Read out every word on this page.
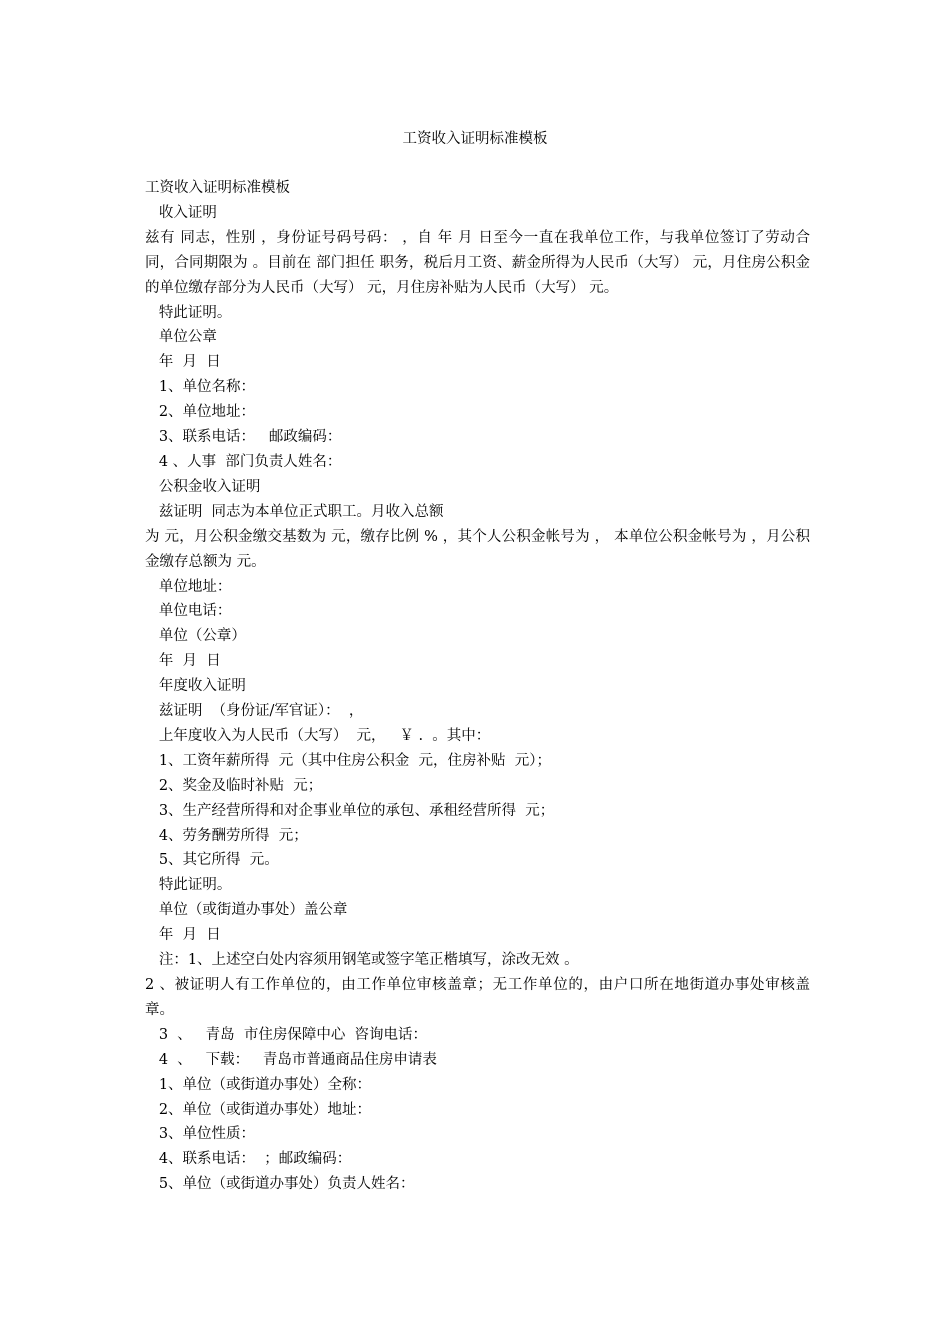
工资收入证明标准模板
工资收入证明标准模板
收入证明
兹有 同志，性别 ，身份证号码号码： ，自 年 月 日至今一直在我单位工作，与我单位签订了劳动合同，合同期限为 。目前在 部门担任 职务，税后月工资、薪金所得为人民币（大写） 元，月住房公积金的单位缴存部分为人民币（大写） 元，月住房补贴为人民币（大写） 元。
特此证明。
单位公章
年  月  日
1、单位名称：
2、单位地址：
3、联系电话：   邮政编码：
4 、人事  部门负责人姓名：
公积金收入证明
兹证明  同志为本单位正式职工。月收入总额
为 元，月公积金缴交基数为 元，缴存比例 % ，其个人公积金帐号为 ， 本单位公积金帐号为 ，月公积金缴存总额为 元。
单位地址：
单位电话：
单位（公章）
年  月  日
年度收入证明
兹证明  （身份证/军官证）：  ，
上年度收入为人民币（大写）  元，   ￥ .  。其中：
1、工资年薪所得  元（其中住房公积金  元，住房补贴  元）；
2、奖金及临时补贴  元；
3、生产经营所得和对企事业单位的承包、承租经营所得  元；
4、劳务酬劳所得  元；
5、其它所得  元。
特此证明。
单位（或街道办事处）盖公章
年  月  日
注：1、上述空白处内容须用钢笔或签字笔正楷填写，涂改无效 。
2 、被证明人有工作单位的，由工作单位审核盖章；无工作单位的，由户口所在地街道办事处审核盖章。
3  、   青岛  市住房保障中心  咨询电话：
4  、   下载：   青岛市普通商品住房申请表
1、单位（或街道办事处）全称：
2、单位（或街道办事处）地址：
3、单位性质：
4、联系电话：  ；邮政编码：
5、单位（或街道办事处）负责人姓名：
